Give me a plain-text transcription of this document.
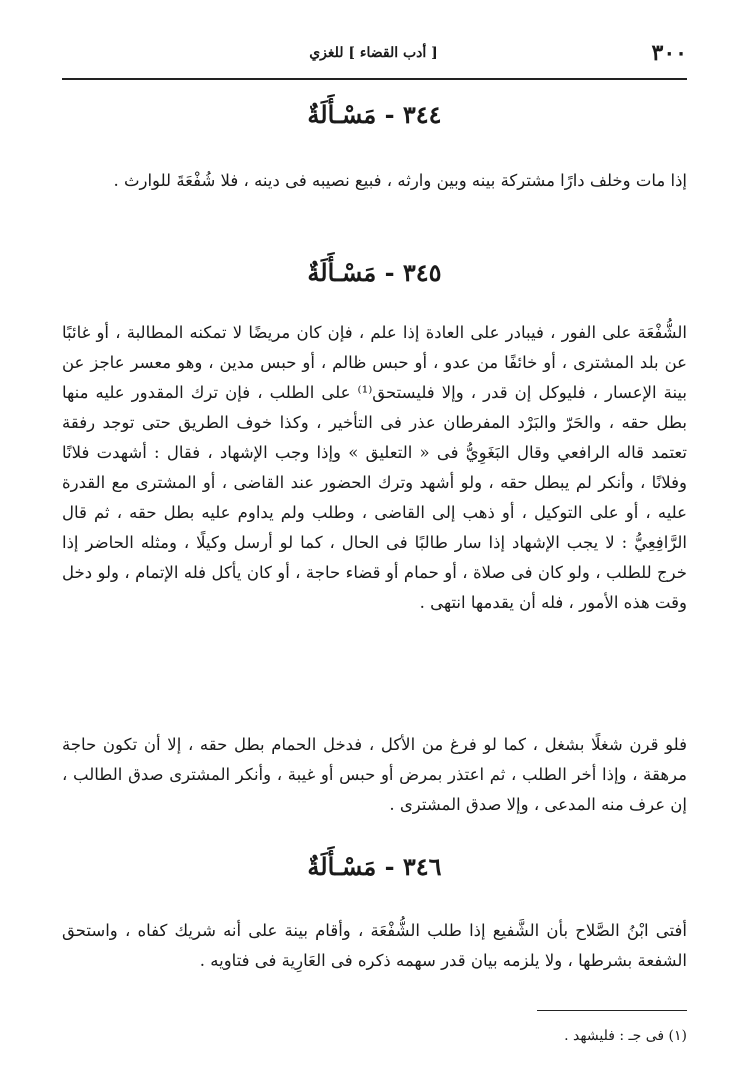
٣٠٠
[ أدب القضاء ] للغزي
٣٤٤ - مَسْـأَلَةٌ
إذا مات وخلف دارًا مشتركة بينه وبين وارثه ، فبيع نصيبه فى دينه ، فلا شُفْعَةَ للوارث .
٣٤٥ - مَسْـأَلَةٌ
الشُّفْعَة على الفور ، فيبادر على العادة إذا علم ، فإن كان مريضًا لا تمكنه المطالبة ، أو غائبًا عن بلد المشترى ، أو خائفًا من عدو ، أو حبس ظالم ، أو حبس مدين ، وهو معسر عاجز عن بينة الإعسار ، فليوكل إن قدر ، وإلا فليستحق⁽¹⁾ على الطلب ، فإن ترك المقدور عليه منها بطل حقه ، والحَرّ والبَرْد المفرطان عذر فى التأخير ، وكذا خوف الطريق حتى توجد رفقة تعتمد قاله الرافعي وقال البَغَوِيُّ فى « التعليق » وإذا وجب الإشهاد ، فقال : أشهدت فلانًا وفلانًا ، وأنكر لم يبطل حقه ، ولو أشهد وترك الحضور عند القاضى ، أو المشترى مع القدرة عليه ، أو على التوكيل ، أو ذهب إلى القاضى ، وطلب ولم يداوم عليه بطل حقه ، ثم قال الرَّافِعِيُّ : لا يجب الإشهاد إذا سار طالبًا فى الحال ، كما لو أرسل وكيلًا ، ومثله الحاضر إذا خرج للطلب ، ولو كان فى صلاة ، أو حمام أو قضاء حاجة ، أو كان يأكل فله الإتمام ، ولو دخل وقت هذه الأمور ، فله أن يقدمها انتهى .
فلو قرن شغلًا بشغل ، كما لو فرغ من الأكل ، فدخل الحمام بطل حقه ، إلا أن تكون حاجة مرهقة ، وإذا أخر الطلب ، ثم اعتذر بمرض أو حبس أو غيبة ، وأنكر المشترى صدق الطالب ، إن عرف منه المدعى ، وإلا صدق المشترى .
٣٤٦ - مَسْـأَلَةٌ
أفتى ابْنُ الصَّلاح بأن الشَّفيع إذا طلب الشُّفْعَة ، وأقام بينة على أنه شريك كفاه ، واستحق الشفعة بشرطها ، ولا يلزمه بيان قدر سهمه ذكره فى العَارِية فى فتاويه .
(١) فى جـ : فليشهد .
